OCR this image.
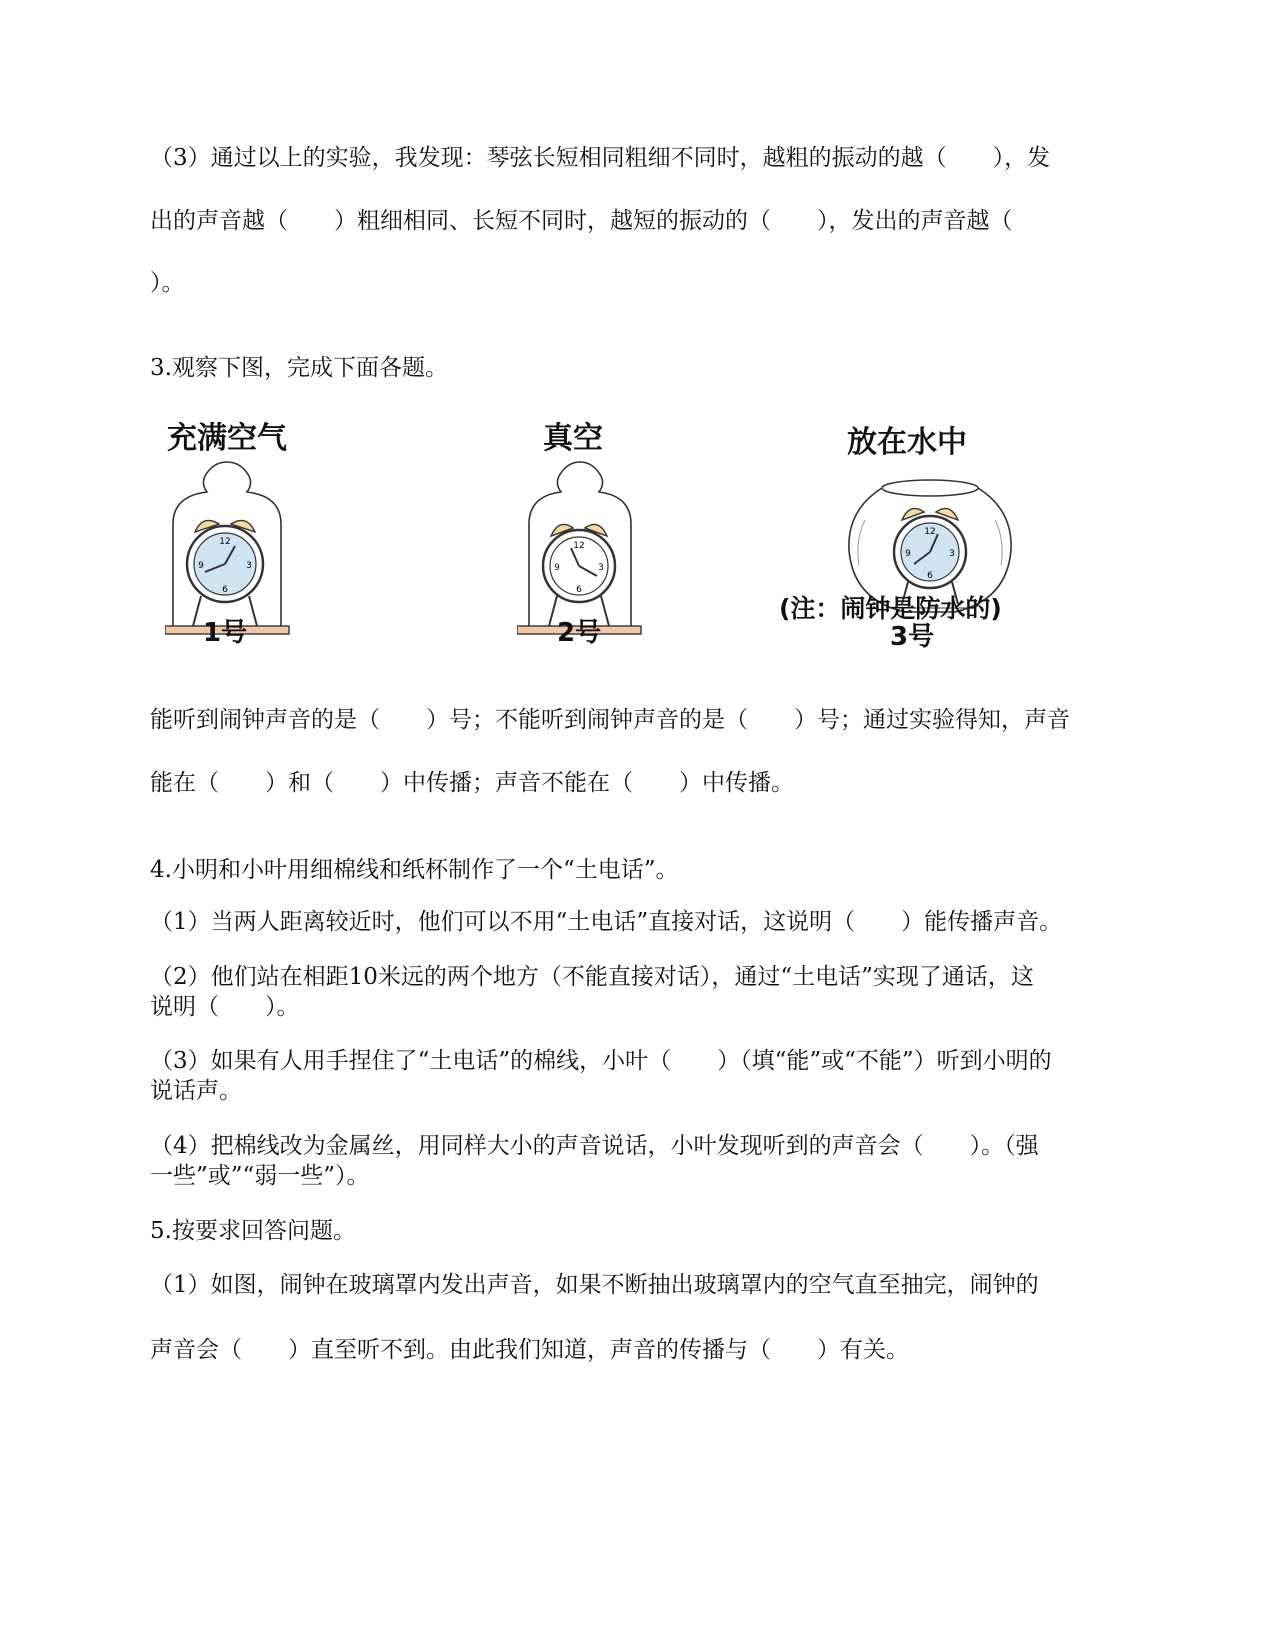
（3）通过以上的实验，我发现：琴弦长短相同粗细不同时，越粗的振动的越（　　），发
出的声音越（　　）粗细相同、长短不同时，越短的振动的（　　），发出的声音越（
）。
3.观察下图，完成下面各题。
充满空气	真空	放在水中
12
3
6
9
12
3
6
9
12
3
6
9
1号	2号
(注：闹钟是防水的)
3号
能听到闹钟声音的是（　　）号；不能听到闹钟声音的是（　　）号；通过实验得知，声音
能在（　　）和（　　）中传播；声音不能在（　　）中传播。
4.小明和小叶用细棉线和纸杯制作了一个“土电话”。
（1）当两人距离较近时，他们可以不用“土电话”直接对话，这说明（　　）能传播声音。
（2）他们站在相距10米远的两个地方（不能直接对话），通过“土电话”实现了通话，这
说明（　　）。
（3）如果有人用手捏住了“土电话”的棉线，小叶（　　）（填“能”或“不能”）听到小明的
说话声。
（4）把棉线改为金属丝，用同样大小的声音说话，小叶发现听到的声音会（　　）。（强
一些”或”“弱一些”）。
5.按要求回答问题。
（1）如图，闹钟在玻璃罩内发出声音，如果不断抽出玻璃罩内的空气直至抽完，闹钟的
声音会（　　）直至听不到。由此我们知道，声音的传播与（　　）有关。
